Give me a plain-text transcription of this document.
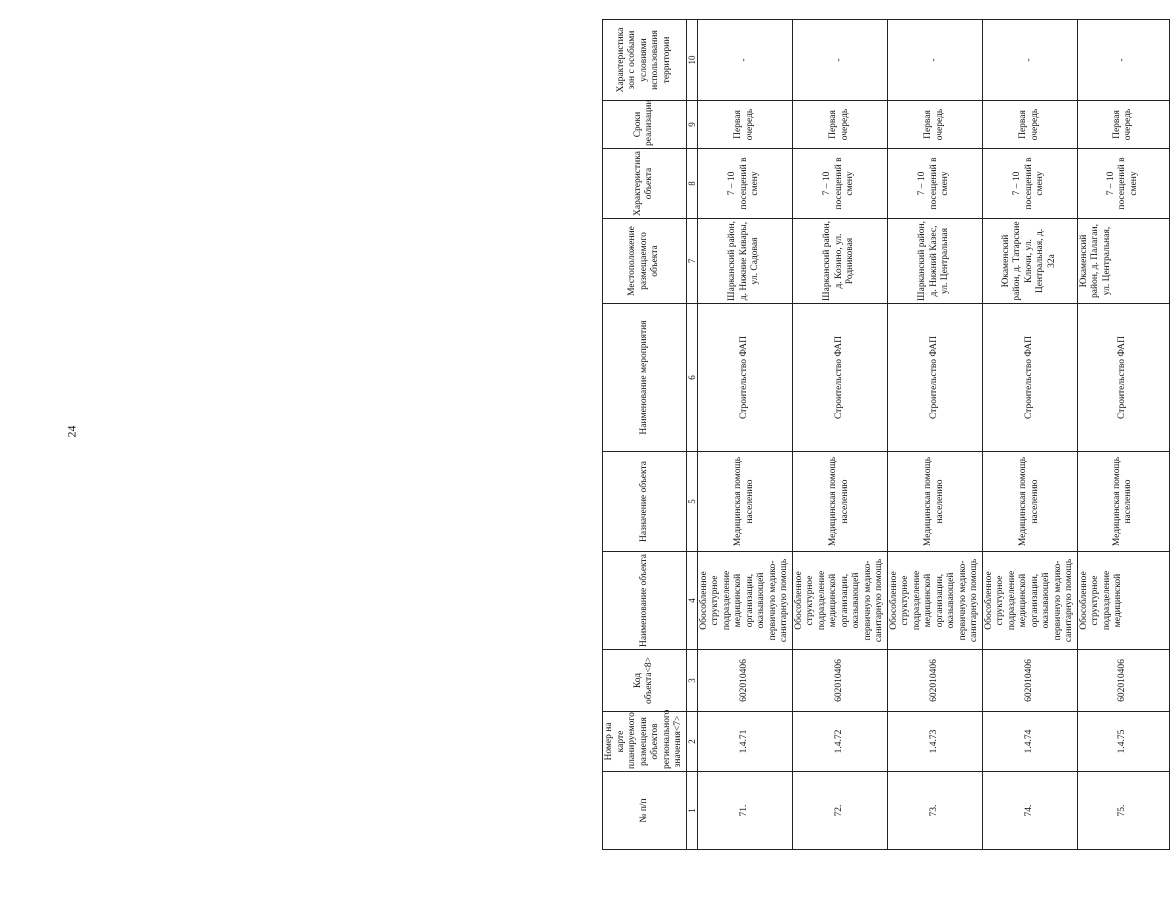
24
№ п/п	Номер на карте планируемого размещения объектов регионального значения<7>	Код объекта<8>	Наименование объекта	Назначение объекта	Наименование мероприятия	Местоположение размещаемого объекта	Характеристика объекта	Сроки реализации	Характеристика зон с особыми условиями использования территории
1	2	3	4	5	6	7	8	9	10
71.	1.4.71	602010406	Обособленное структурное подразделение медицинской организации, оказывающей первичную медико-санитарную помощь	Медицинская помощь населению	Строительство ФАП	Шарканский район, д. Нижние Кивары, ул. Садовая	7 – 10 посещений в смену	Первая очередь	-
72.	1.4.72	602010406	Обособленное структурное подразделение медицинской организации, оказывающей первичную медико-санитарную помощь	Медицинская помощь населению	Строительство ФАП	Шарканский район, д. Козино, ул. Родниковая	7 – 10 посещений в смену	Первая очередь	-
73.	1.4.73	602010406	Обособленное структурное подразделение медицинской организации, оказывающей первичную медико-санитарную помощь	Медицинская помощь населению	Строительство ФАП	Шарканский район, д. Нижний Казес, ул. Центральная	7 – 10 посещений в смену	Первая очередь	-
74.	1.4.74	602010406	Обособленное структурное подразделение медицинской организации, оказывающей первичную медико-санитарную помощь	Медицинская помощь населению	Строительство ФАП	Юкаменский район, д. Татарские Ключи, ул. Центральная, д. 32а	7 – 10 посещений в смену	Первая очередь	-
75.	1.4.75	602010406	Обособленное структурное подразделение медицинской	Медицинская помощь населению	Строительство ФАП	Юкаменский район, д. Палагаи, ул. Центральная,	7 – 10 посещений в смену	Первая очередь	-
